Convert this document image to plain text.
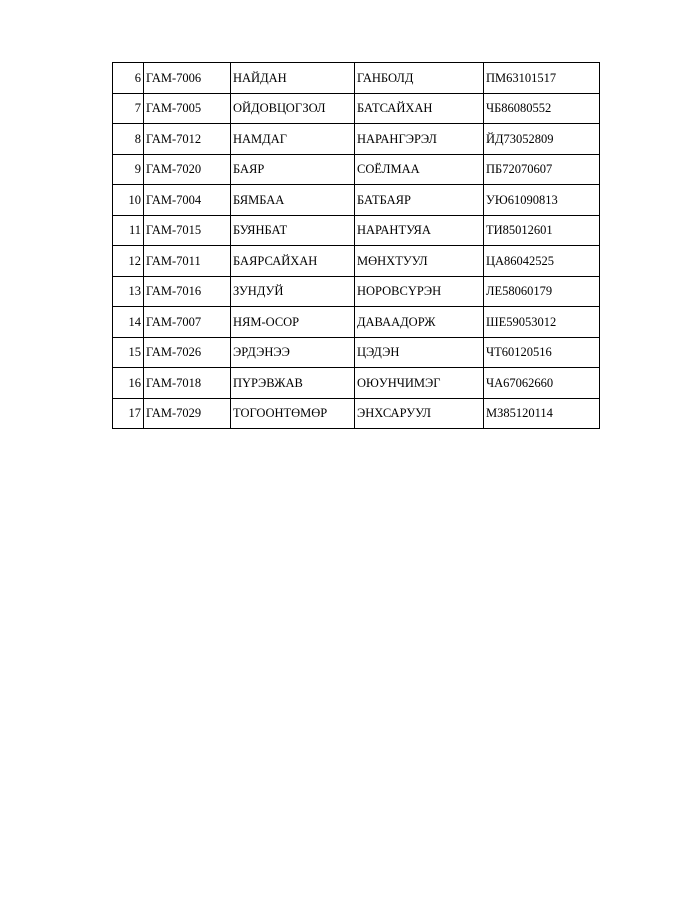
6	ГАМ-7006	НАЙДАН	ГАНБОЛД	ПМ63101517
7	ГАМ-7005	ОЙДОВЦОГЗОЛ	БАТСАЙХАН	ЧБ86080552
8	ГАМ-7012	НАМДАГ	НАРАНГЭРЭЛ	ЙД73052809
9	ГАМ-7020	БАЯР	СОЁЛМАА	ПБ72070607
10	ГАМ-7004	БЯМБАА	БАТБАЯР	УЮ61090813
11	ГАМ-7015	БУЯНБАТ	НАРАНТУЯА	ТИ85012601
12	ГАМ-7011	БАЯРСАЙХАН	МӨНХТУУЛ	ЦА86042525
13	ГАМ-7016	ЗУНДУЙ	НОРОВСҮРЭН	ЛЕ58060179
14	ГАМ-7007	НЯМ-ОСОР	ДАВААДОРЖ	ШЕ59053012
15	ГАМ-7026	ЭРДЭНЭЭ	ЦЭДЭН	ЧТ60120516
16	ГАМ-7018	ПҮРЭВЖАВ	ОЮУНЧИМЭГ	ЧА67062660
17	ГАМ-7029	ТОГООНТӨМӨР	ЭНХСАРУУЛ	МЗ85120114
